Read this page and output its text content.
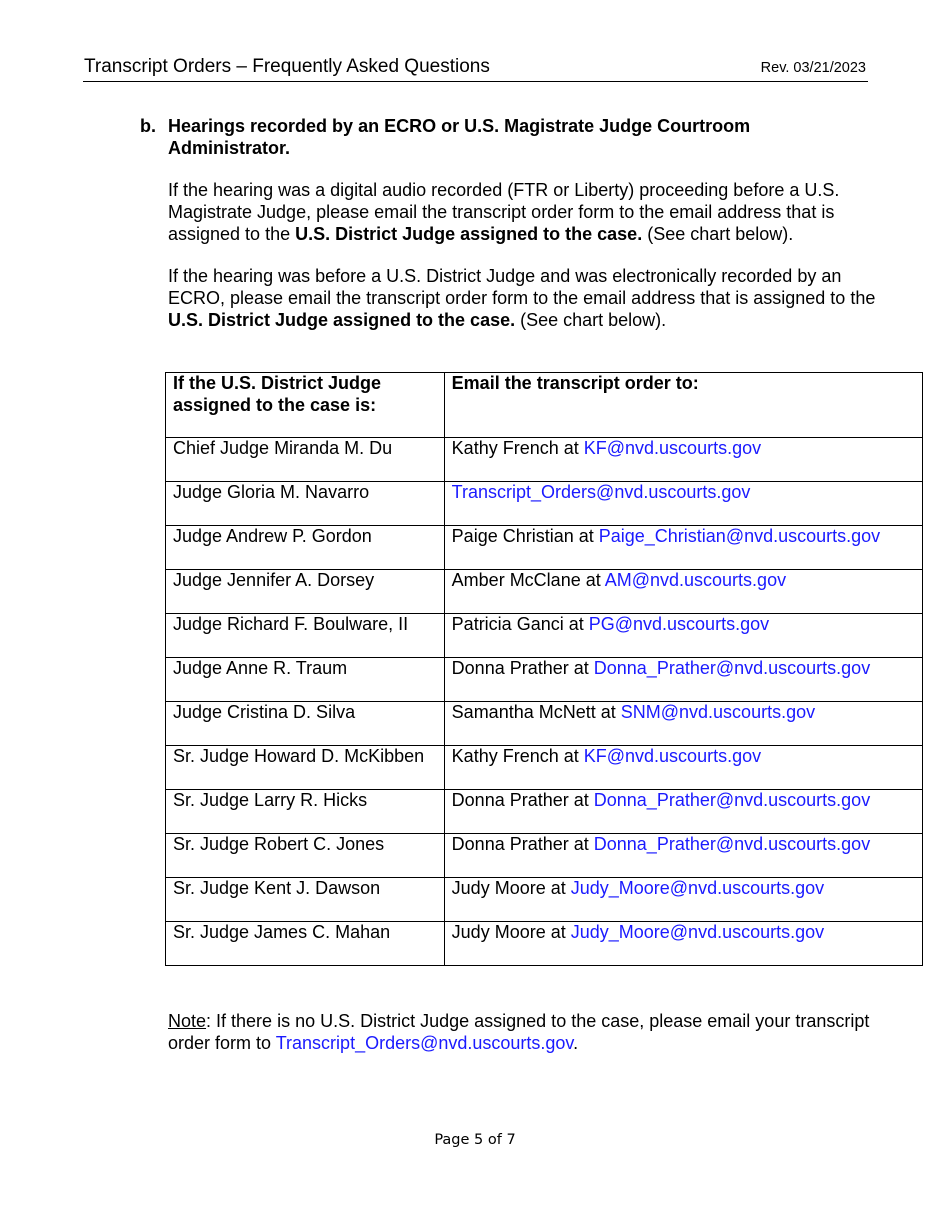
Transcript Orders – Frequently Asked Questions	Rev. 03/21/2023
b. Hearings recorded by an ECRO or U.S. Magistrate Judge Courtroom Administrator.
If the hearing was a digital audio recorded (FTR or Liberty) proceeding before a U.S. Magistrate Judge, please email the transcript order form to the email address that is assigned to the U.S. District Judge assigned to the case. (See chart below).
If the hearing was before a U.S. District Judge and was electronically recorded by an ECRO, please email the transcript order form to the email address that is assigned to the U.S. District Judge assigned to the case. (See chart below).
If the U.S. District Judge assigned to the case is:	Email the transcript order to:
Chief Judge Miranda M. Du	Kathy French at KF@nvd.uscourts.gov
Judge Gloria M. Navarro	Transcript_Orders@nvd.uscourts.gov
Judge Andrew P. Gordon	Paige Christian at Paige_Christian@nvd.uscourts.gov
Judge Jennifer A. Dorsey	Amber McClane at AM@nvd.uscourts.gov
Judge Richard F. Boulware, II	Patricia Ganci at PG@nvd.uscourts.gov
Judge Anne R. Traum	Donna Prather at Donna_Prather@nvd.uscourts.gov
Judge Cristina D. Silva	Samantha McNett at SNM@nvd.uscourts.gov
Sr. Judge Howard D. McKibben	Kathy French at KF@nvd.uscourts.gov
Sr. Judge Larry R. Hicks	Donna Prather at Donna_Prather@nvd.uscourts.gov
Sr. Judge Robert C. Jones	Donna Prather at Donna_Prather@nvd.uscourts.gov
Sr. Judge Kent J. Dawson	Judy Moore at Judy_Moore@nvd.uscourts.gov
Sr. Judge James C. Mahan	Judy Moore at Judy_Moore@nvd.uscourts.gov
Note: If there is no U.S. District Judge assigned to the case, please email your transcript order form to Transcript_Orders@nvd.uscourts.gov.
Page 5 of 7
